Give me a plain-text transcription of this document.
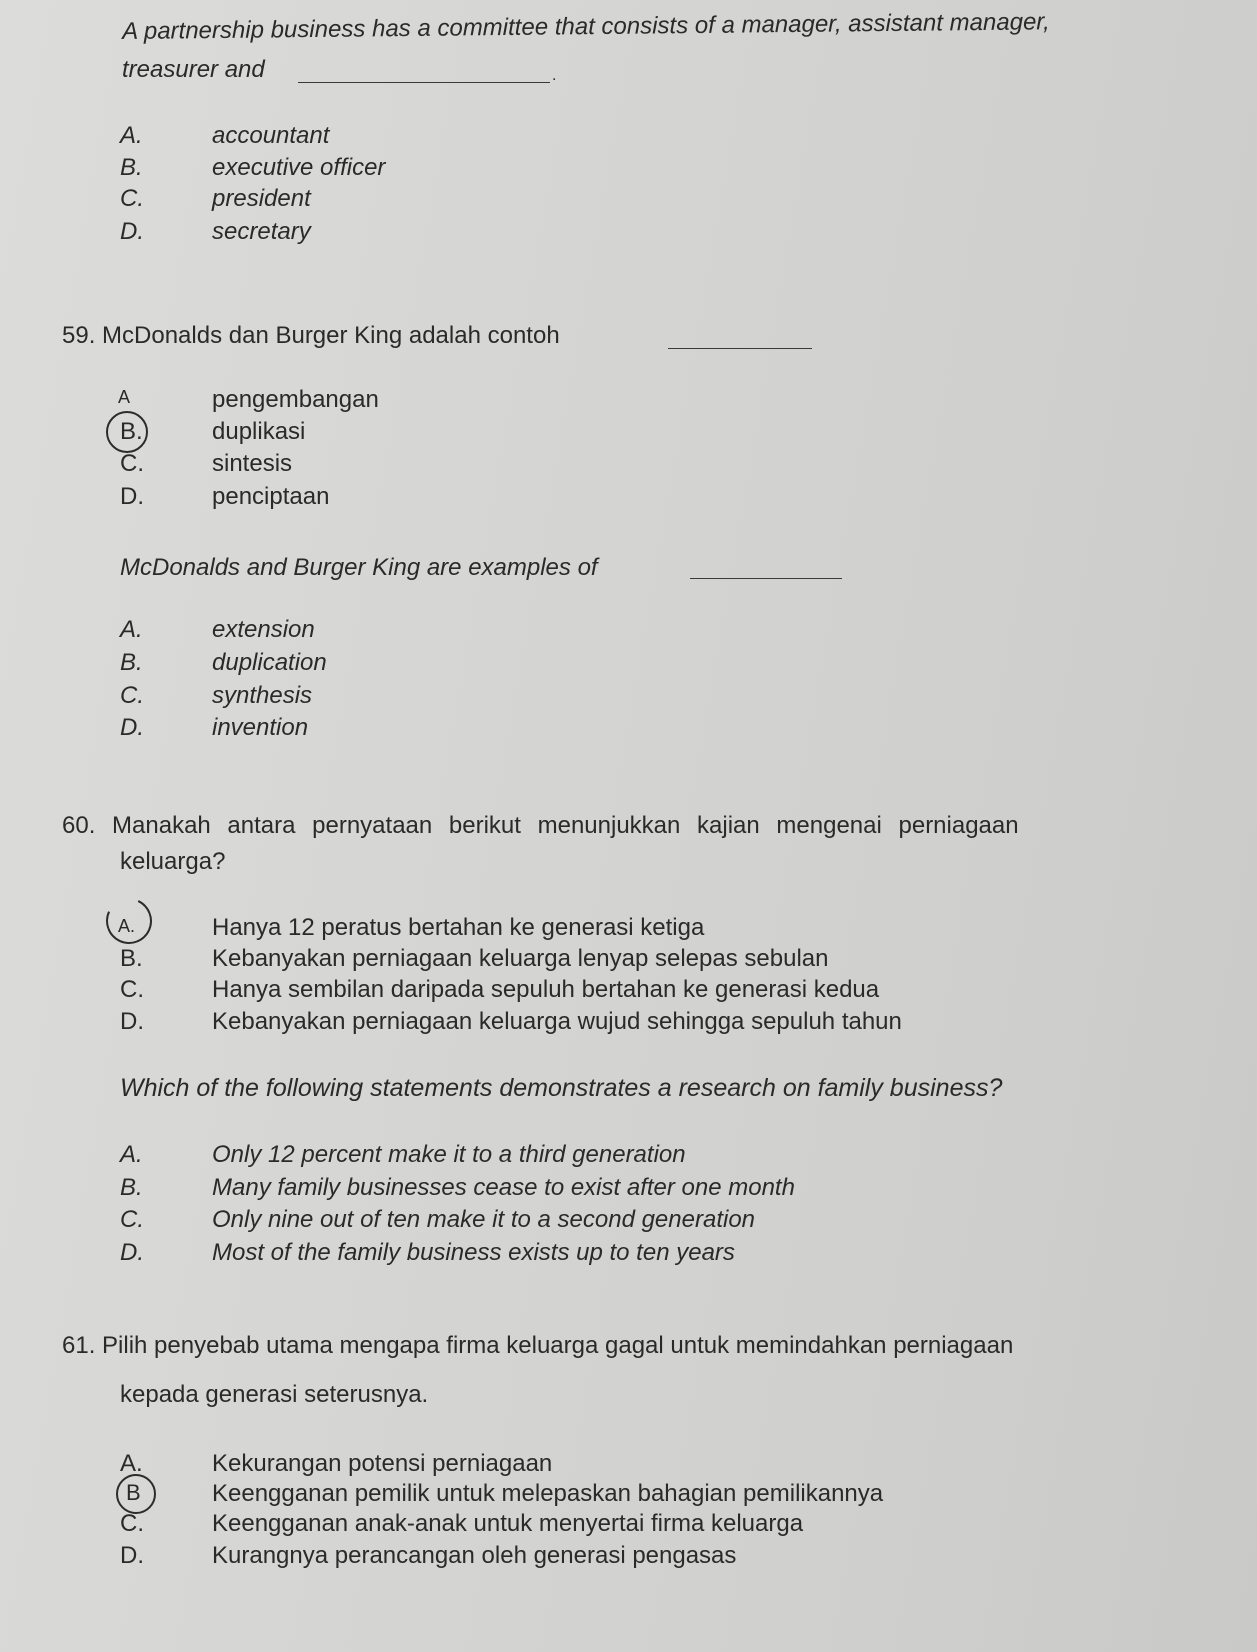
A partnership business has a committee that consists of a manager, assistant manager,
treasurer and	.
A.	accountant
B.	executive officer
C.	president
D.	secretary
59. McDonalds dan Burger King adalah contoh
A	pengembangan
B.	duplikasi
C.	sintesis
D.	penciptaan
McDonalds and Burger King are examples of
A.	extension
B.	duplication
C.	synthesis
D.	invention
60. Manakah antara pernyataan berikut menunjukkan kajian mengenai perniagaan
keluarga?
A.	Hanya 12 peratus bertahan ke generasi ketiga
B.	Kebanyakan perniagaan keluarga lenyap selepas sebulan
C.	Hanya sembilan daripada sepuluh bertahan ke generasi kedua
D.	Kebanyakan perniagaan keluarga wujud sehingga sepuluh tahun
Which of the following statements demonstrates a research on family business?
A.	Only 12 percent make it to a third generation
B.	Many family businesses cease to exist after one month
C.	Only nine out of ten make it to a second generation
D.	Most of the family business exists up to ten years
61. Pilih penyebab utama mengapa firma keluarga gagal untuk memindahkan perniagaan
kepada generasi seterusnya.
A.	Kekurangan potensi perniagaan
B	Keengganan pemilik untuk melepaskan bahagian pemilikannya
C.	Keengganan anak-anak untuk menyertai firma keluarga
D.	Kurangnya perancangan oleh generasi pengasas
